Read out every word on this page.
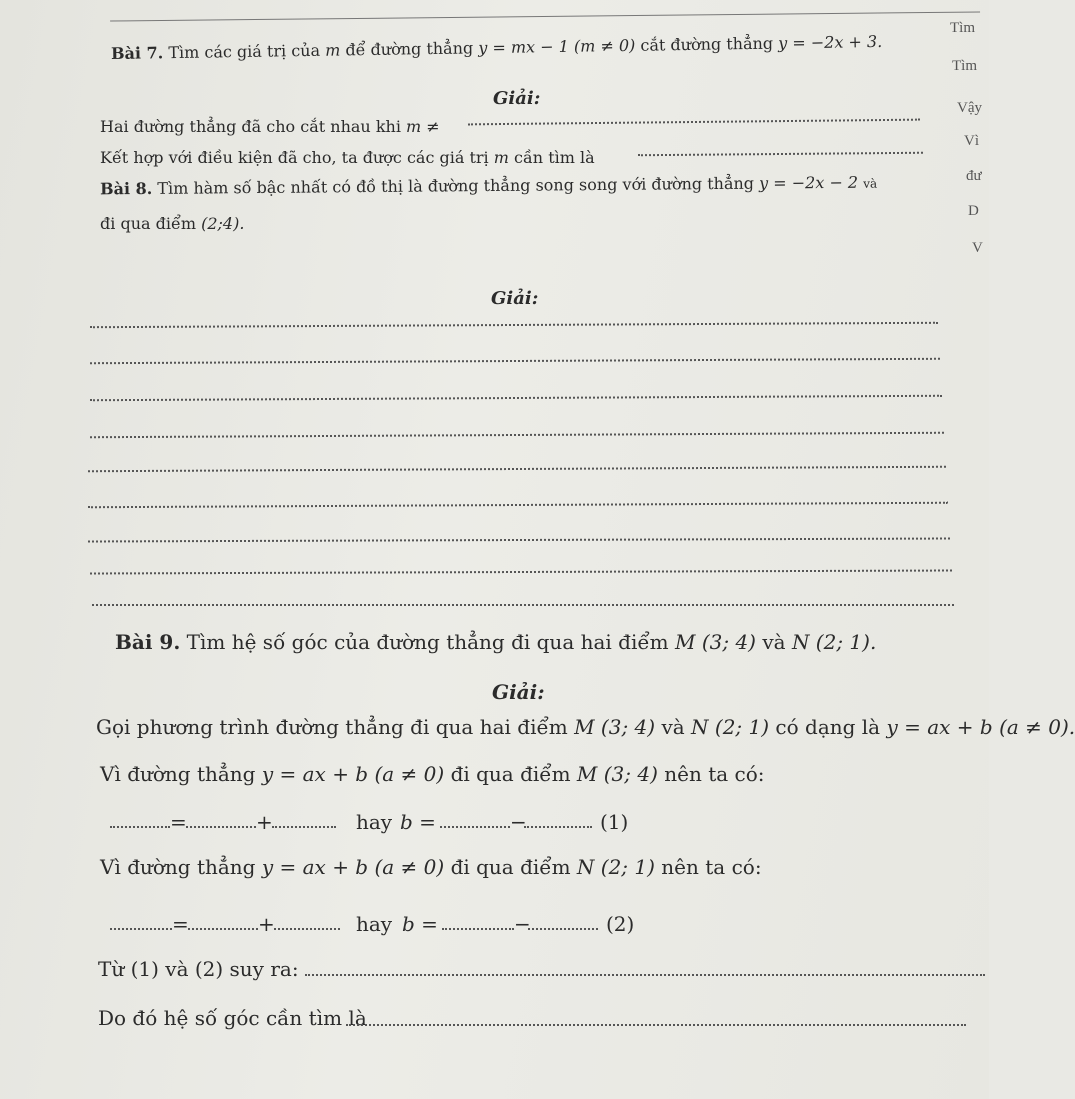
Bài 7. Tìm các giá trị của m để đường thẳng y = mx − 1 (m ≠ 0) cắt đường thẳng y = −2x + 3.
Giải:
Hai đường thẳng đã cho cắt nhau khi m ≠
Kết hợp với điều kiện đã cho, ta được các giá trị m cần tìm là
Bài 8. Tìm hàm số bậc nhất có đồ thị là đường thẳng song song với đường thẳng y = −2x − 2 và
đi qua điểm (2;4).
Giải:
Bài 9. Tìm hệ số góc của đường thẳng đi qua hai điểm M (3; 4) và N (2; 1).
Giải:
Gọi phương trình đường thẳng đi qua hai điểm M (3; 4) và N (2; 1) có dạng là y = ax + b (a ≠ 0).
Vì đường thẳng y = ax + b (a ≠ 0) đi qua điểm M (3; 4) nên ta có:
=	+	hay b =	−	(1)
Vì đường thẳng y = ax + b (a ≠ 0) đi qua điểm N (2; 1) nên ta có:
=	+	hay b =	−	(2)
Từ (1) và (2) suy ra:
Do đó hệ số góc cần tìm là
Tìm
Tìm
Vậy
Vì
đư
D
V
